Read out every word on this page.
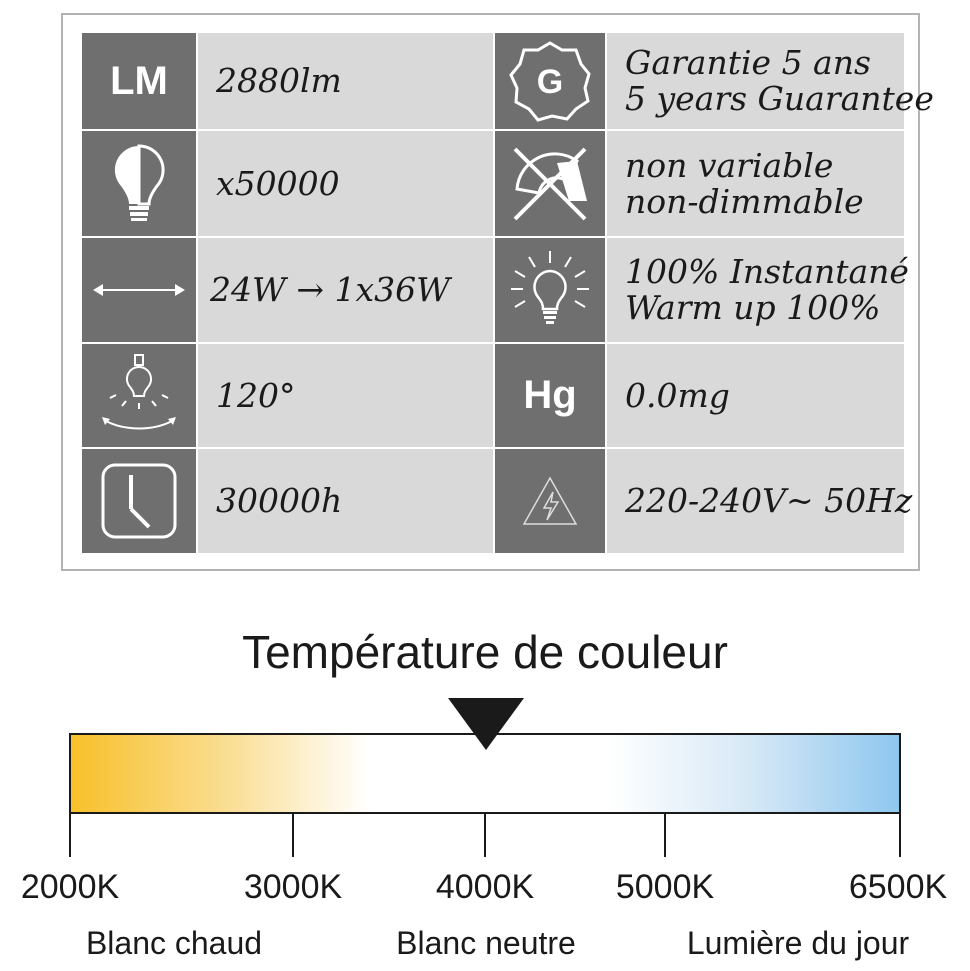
LM 2880lm	G Garantie 5 ans
5 years Guarantee
x50000	non variable
non-dimmable
24W → 1x36W	100% Instantané
Warm up 100%
120°	Hg 0.0mg
30000h	220-240V~ 50Hz
Température de couleur
2000K	3000K	4000K 5000K	6500K
Blanc chaud	Blanc neutre	Lumière du jour
